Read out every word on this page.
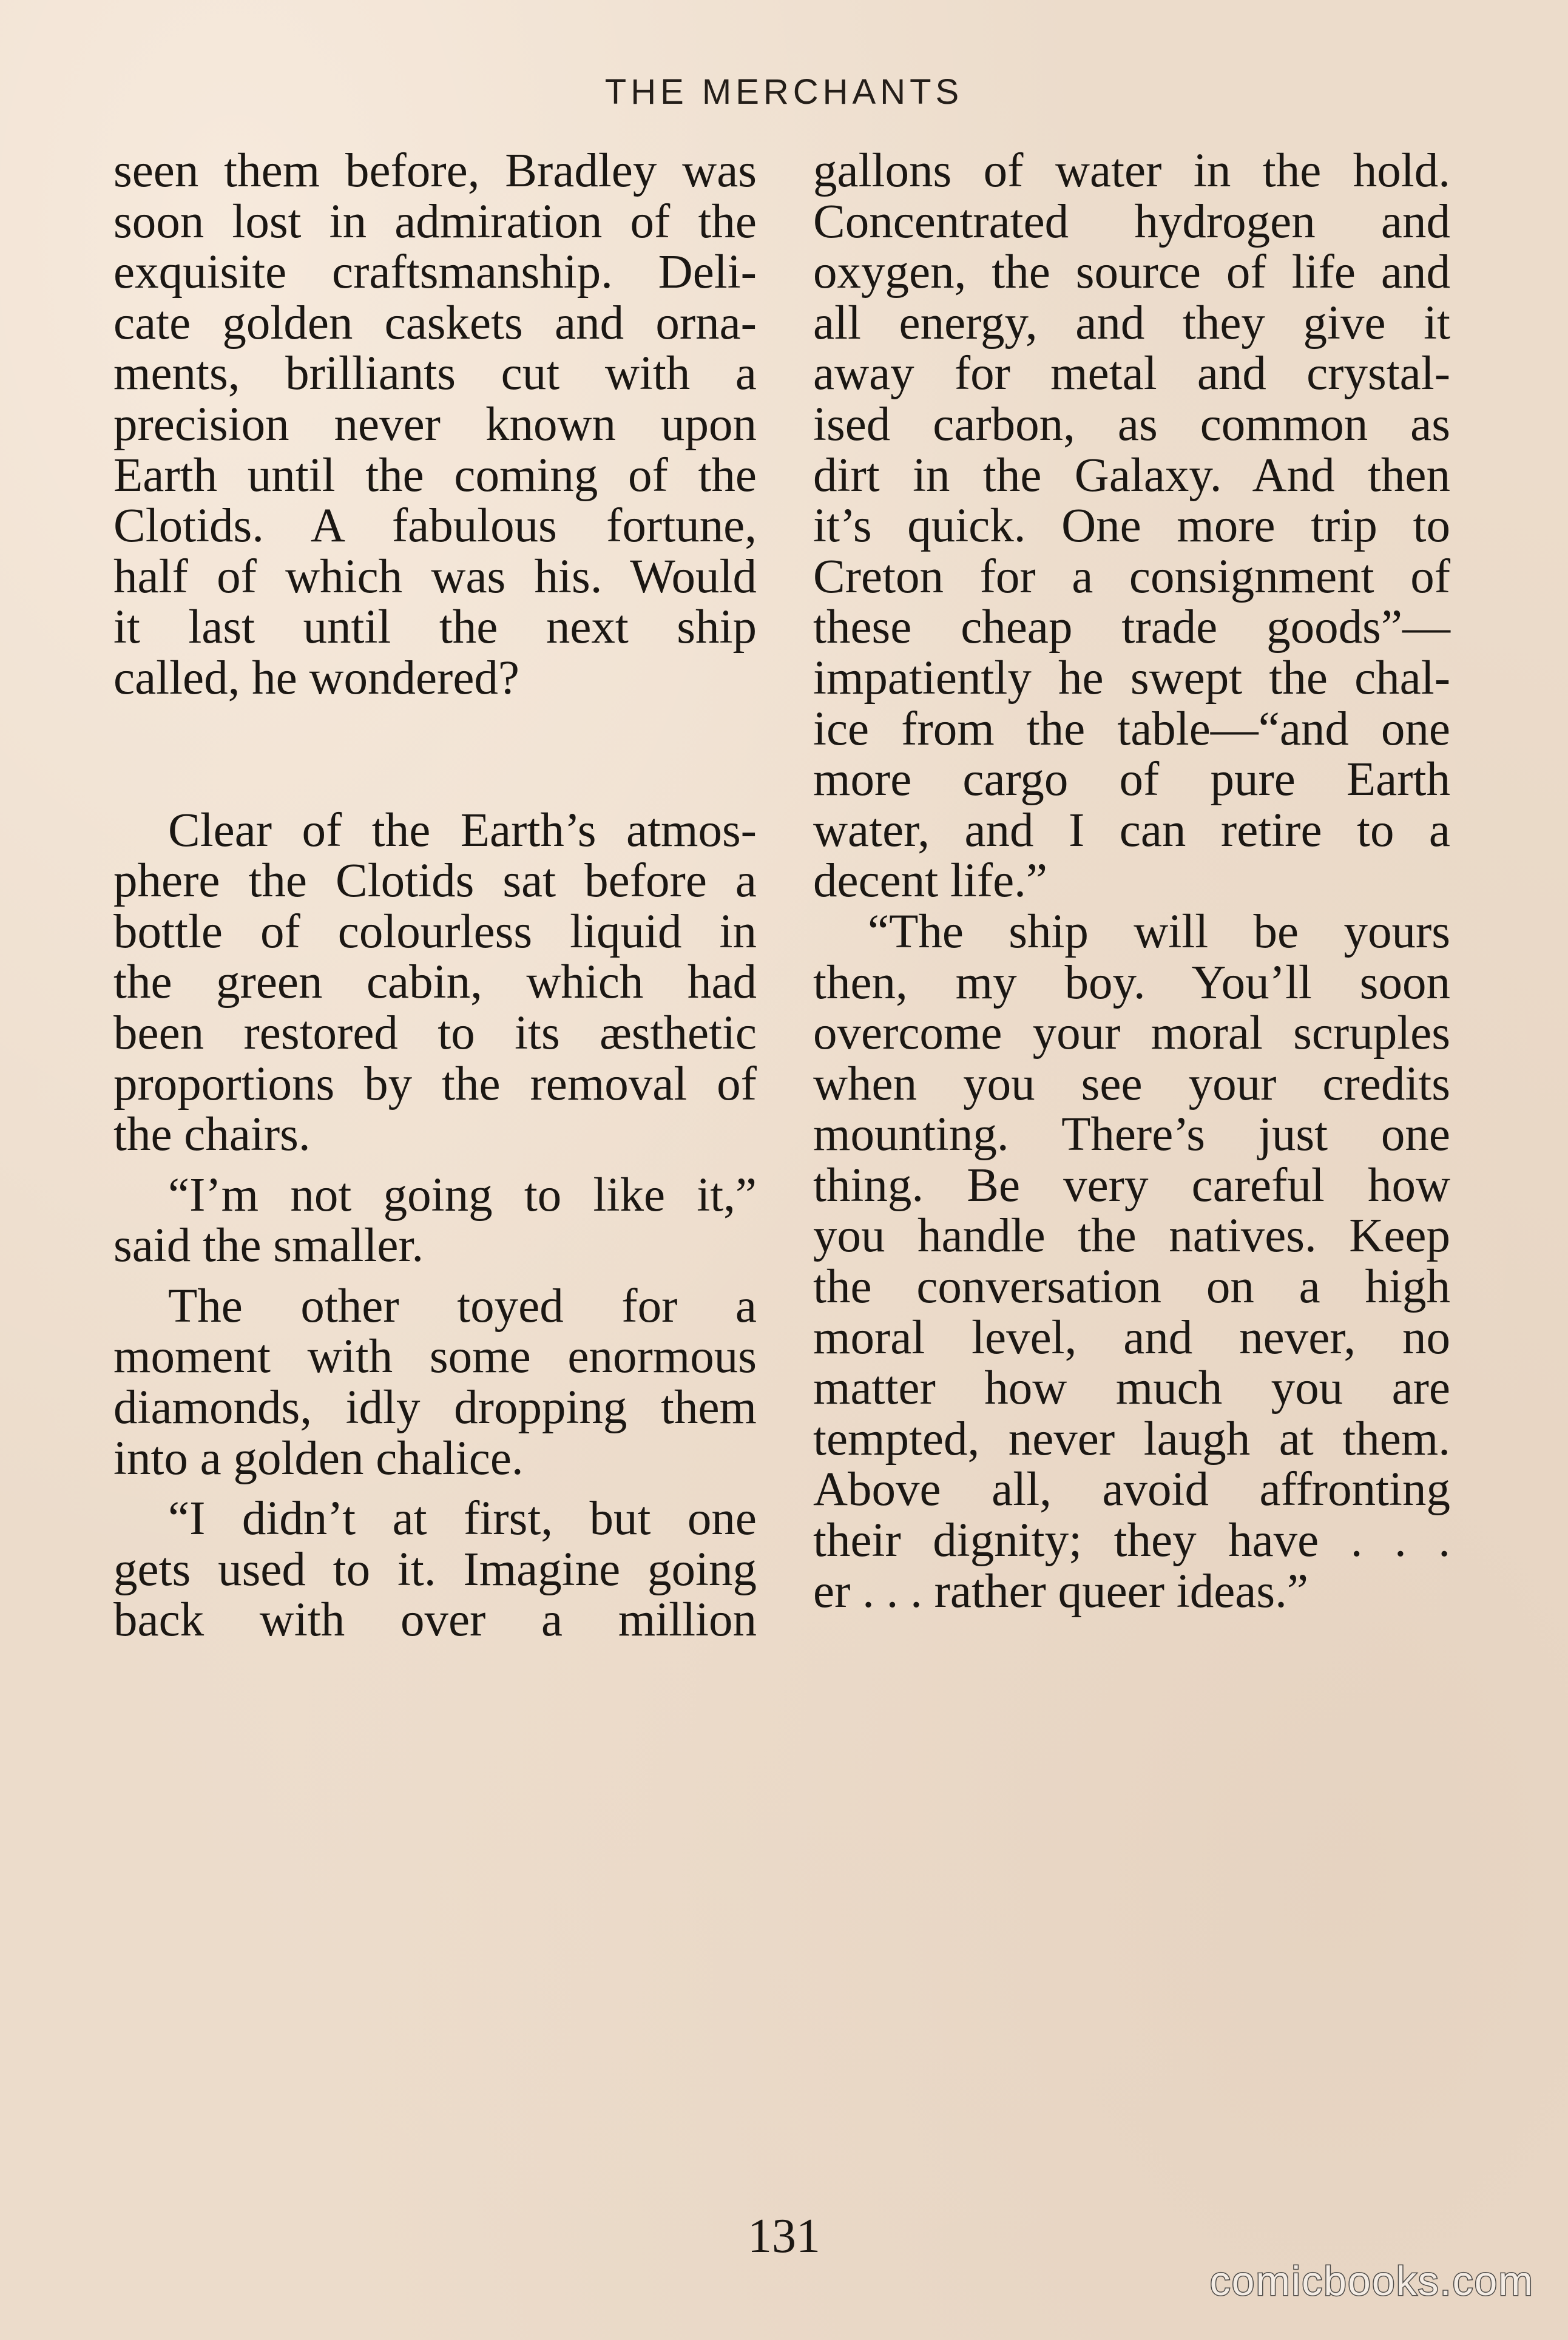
THE MERCHANTS

seen them before, Bradley was

soon lost in admiration of the

exquisite craftsmanship. Deli-

cate golden caskets and orna-

ments, brilliants cut with a

precision never known upon

Earth until the coming of the

Clotids. A fabulous fortune,

half of which was his. Would

it last until the next ship

called, he wondered?

Clear of the Earth’s atmos-

phere the Clotids sat before a

bottle of colourless liquid in

the green cabin, which had

been restored to its æsthetic

proportions by the removal of

the chairs.

“I’m not going to like it,”

said the smaller.

The other toyed for a

moment with some enormous

diamonds, idly dropping them

into a golden chalice.

“I didn’t at first, but one

gets used to it. Imagine going

back with over a million

gallons of water in the hold.

Concentrated hydrogen and

oxygen, the source of life and

all energy, and they give it

away for metal and crystal-

ised carbon, as common as

dirt in the Galaxy. And then

it’s quick. One more trip to

Creton for a consignment of

these cheap trade goods”—

impatiently he swept the chal-

ice from the table—“and one

more cargo of pure Earth

water, and I can retire to a

decent life.”

“The ship will be yours

then, my boy. You’ll soon

overcome your moral scruples

when you see your credits

mounting. There’s just one

thing. Be very careful how

you handle the natives. Keep

the conversation on a high

moral level, and never, no

matter how much you are

tempted, never laugh at them.

Above all, avoid affronting

their dignity; they have . . .

er . . . rather queer ideas.”

131
comicbooks.com
